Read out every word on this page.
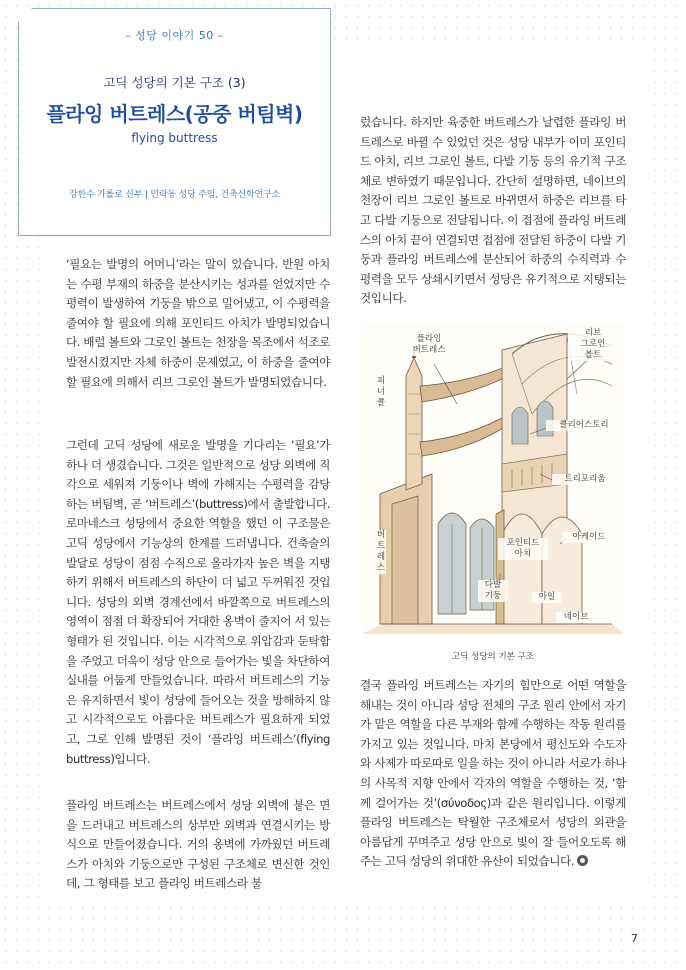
– 성당 이야기 50 –
고딕 성당의 기본 구조 (3)
플라잉 버트레스(공중 버팀벽)
flying buttress
강한수 가롤로 신부 | 민락동 성당 주임, 건축신학연구소
‘필요는 발명의 어머니’라는 말이 있습니다. 반원 아치는 수평 부재의 하중을 분산시키는 성과를 얻었지만 수평력이 발생하여 기둥을 밖으로 밀어냈고, 이 수평력을 줄여야 할 필요에 의해 포인티드 아치가 발명되었습니다. 배럴 볼트와 그로인 볼트는 천장을 목조에서 석조로 발전시켰지만 자체 하중이 문제였고, 이 하중을 줄여야 할 필요에 의해서 리브 그로인 볼트가 발명되었습니다.
그런데 고딕 성당에 새로운 발명을 기다리는 ‘필요’가 하나 더 생겼습니다. 그것은 일반적으로 성당 외벽에 직각으로 세워져 기둥이나 벽에 가해지는 수평력을 감당하는 버팀벽, 곧 ‘버트레스’(buttress)에서 출발합니다. 로마네스크 성당에서 중요한 역할을 했던 이 구조물은 고딕 성당에서 기능상의 한계를 드러냅니다. 건축술의 발달로 성당이 점점 수직으로 올라가자 높은 벽을 지탱하기 위해서 버트레스의 하단이 더 넓고 두꺼워진 것입니다. 성당의 외벽 경계선에서 바깥쪽으로 버트레스의 영역이 점점 더 확장되어 거대한 옹벽이 줄지어 서 있는 형태가 된 것입니다. 이는 시각적으로 위압감과 둔탁함을 주었고 더욱이 성당 안으로 들어가는 빛을 차단하여 실내를 어둡게 만들었습니다. 따라서 버트레스의 기능은 유지하면서 빛이 성당에 들어오는 것을 방해하지 않고 시각적으로도 아름다운 버트레스가 필요하게 되었고, 그로 인해 발명된 것이 ‘플라잉 버트레스’(flying buttress)입니다.
플라잉 버트레스는 버트레스에서 성당 외벽에 붙은 면을 드러내고 버트레스의 상부만 외벽과 연결시키는 방식으로 만들어졌습니다. 거의 옹벽에 가까웠던 버트레스가 아치와 기둥으로만 구성된 구조체로 변신한 것인데, 그 형태를 보고 플라잉 버트레스라 불
렀습니다. 하지만 육중한 버트레스가 날렵한 플라잉 버트레스로 바뀔 수 있었던 것은 성당 내부가 이미 포인티드 아치, 리브 그로인 볼트, 다발 기둥 등의 유기적 구조체로 변하였기 때문입니다. 간단히 설명하면, 네이브의 천장이 리브 그로인 볼트로 바뀌면서 하중은 리브를 타고 다발 기둥으로 전달됩니다. 이 접점에 플라잉 버트레스의 아치 끝이 연결되면 접점에 전달된 하중이 다발 기둥과 플라잉 버트레스에 분산되어 하중의 수직력과 수평력을 모두 상쇄시키면서 성당은 유기적으로 지탱되는 것입니다.
플라잉
버트레스
피너클
리브
그로인
볼트
클리어스토리
트리포리움
아케이드
포인티드
아치
버트레스
다발
기둥	아일
네이브
고딕 성당의 기본 구조
결국 플라잉 버트레스는 자기의 힘만으로 어떤 역할을 해내는 것이 아니라 성당 전체의 구조 원리 안에서 자기가 맡은 역할을 다른 부재와 함께 수행하는 작동 원리를 가지고 있는 것입니다. 마치 본당에서 평신도와 수도자와 사제가 따로따로 일을 하는 것이 아니라 서로가 하나의 사목적 지향 안에서 각자의 역할을 수행하는 것, ‘함께 걸어가는 것’(σύνοδος)과 같은 원리입니다. 이렇게 플라잉 버트레스는 탁월한 구조체로서 성당의 외관을 아름답게 꾸며주고 성당 안으로 빛이 잘 들어오도록 해주는 고딕 성당의 위대한 유산이 되었습니다.
7
